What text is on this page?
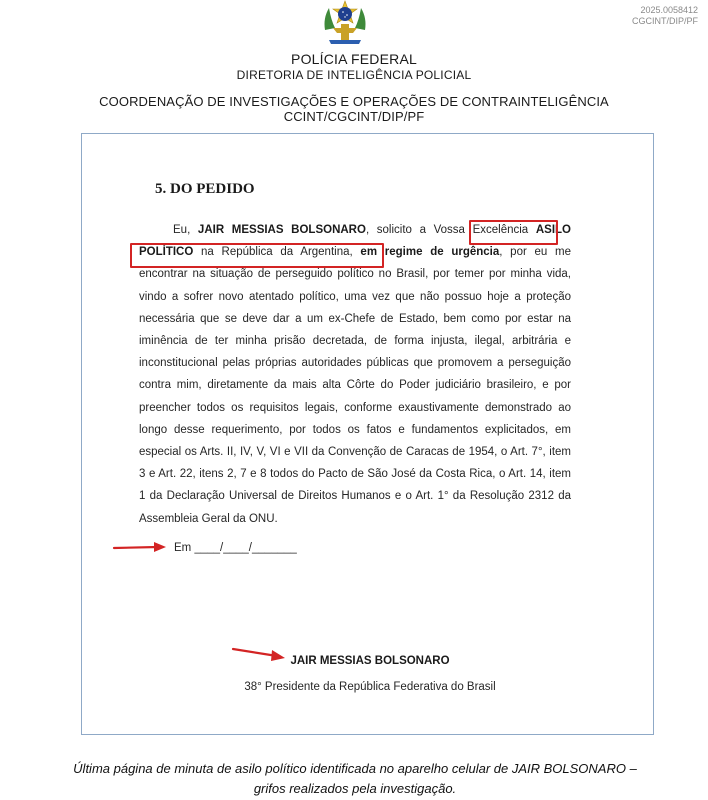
2025.0058412
CGCINT/DIP/PF
POLÍCIA FEDERAL
DIRETORIA DE INTELIGÊNCIA POLICIAL
COORDENAÇÃO DE INVESTIGAÇÕES E OPERAÇÕES DE CONTRAINTELIGÊNCIA
CCINT/CGCINT/DIP/PF
5. DO PEDIDO
Eu, JAIR MESSIAS BOLSONARO, solicito a Vossa Excelência ASILO POLÍTICO na República da Argentina, em regime de urgência, por eu me encontrar na situação de perseguido político no Brasil, por temer por minha vida, vindo a sofrer novo atentado político, uma vez que não possuo hoje a proteção necessária que se deve dar a um ex-Chefe de Estado, bem como por estar na iminência de ter minha prisão decretada, de forma injusta, ilegal, arbitrária e inconstitucional pelas próprias autoridades públicas que promovem a perseguição contra mim, diretamente da mais alta Côrte do Poder judiciário brasileiro, e por preencher todos os requisitos legais, conforme exaustivamente demonstrado ao longo desse requerimento, por todos os fatos e fundamentos explicitados, em especial os Arts. II, IV, V, VI e VII da Convenção de Caracas de 1954, o Art. 7°, item 3 e Art. 22, itens 2, 7 e 8 todos do Pacto de São José da Costa Rica, o Art. 14, item 1 da Declaração Universal de Direitos Humanos e o Art. 1° da Resolução 2312 da Assembleia Geral da ONU.
Em ____/____/_______
JAIR MESSIAS BOLSONARO
38° Presidente da República Federativa do Brasil
Última página de minuta de asilo político identificada no aparelho celular de JAIR BOLSONARO – grifos realizados pela investigação.
